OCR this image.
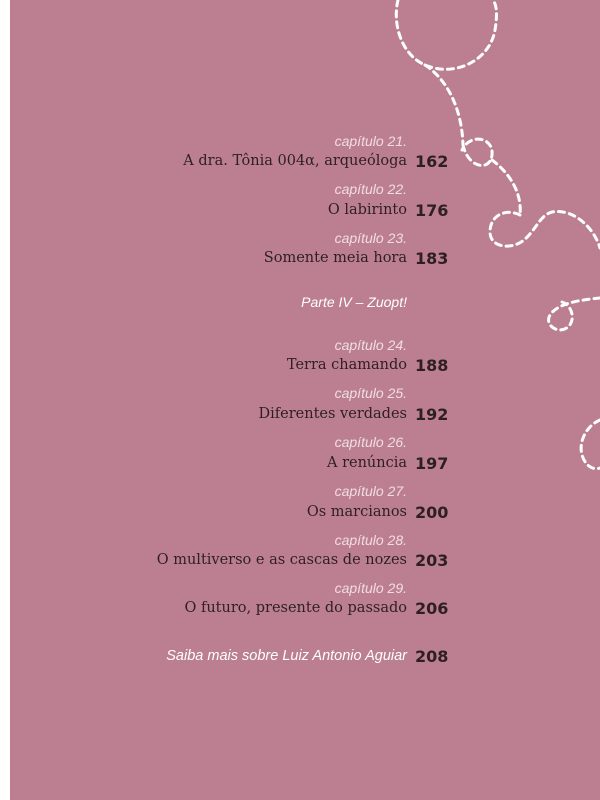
capítulo 21.
A dra. Tônia 004α, arqueóloga 162
capítulo 22.
O labirinto 176
capítulo 23.
Somente meia hora 183
Parte IV – Zuopt!
capítulo 24.
Terra chamando 188
capítulo 25.
Diferentes verdades 192
capítulo 26.
A renúncia 197
capítulo 27.
Os marcianos 200
capítulo 28.
O multiverso e as cascas de nozes 203
capítulo 29.
O futuro, presente do passado 206
Saiba mais sobre Luiz Antonio Aguiar 208
